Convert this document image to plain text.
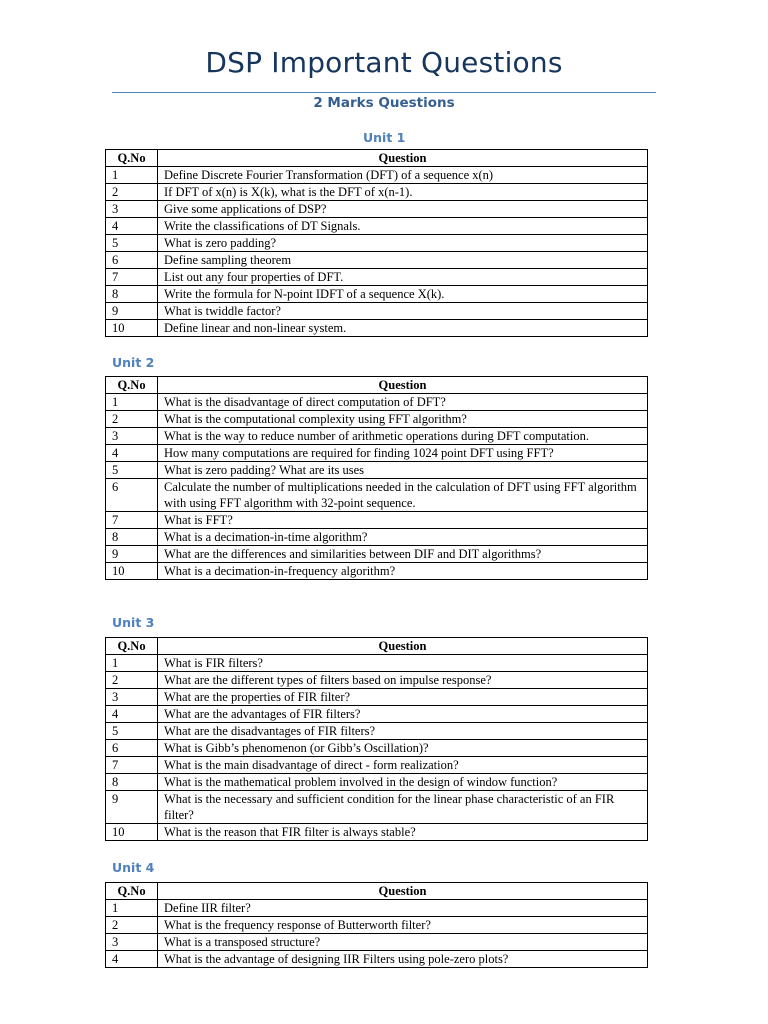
DSP Important Questions
2 Marks Questions
Unit 1
Q.No	Question
1	Define Discrete Fourier Transformation (DFT) of a sequence x(n)
2	If DFT of x(n) is X(k), what is the DFT of x(n-1).
3	Give some applications of DSP?
4	Write the classifications of DT Signals.
5	What is zero padding?
6	Define sampling theorem
7	List out any four properties of DFT.
8	Write the formula for N-point IDFT of a sequence X(k).
9	What is twiddle factor?
10	Define linear and non-linear system.
Unit 2
Q.No	Question
1	What is the disadvantage of direct computation of DFT?
2	What is the computational complexity using FFT algorithm?
3	What is the way to reduce number of arithmetic operations during DFT computation.
4	How many computations are required for finding 1024 point DFT using FFT?
5	What is zero padding? What are its uses
6	Calculate the number of multiplications needed in the calculation of DFT using FFT algorithm with using FFT algorithm with 32-point sequence.
7	What is FFT?
8	What is a decimation-in-time algorithm?
9	What are the differences and similarities between DIF and DIT algorithms?
10	What is a decimation-in-frequency algorithm?
Unit 3
Q.No	Question
1	What is FIR filters?
2	What are the different types of filters based on impulse response?
3	What are the properties of FIR filter?
4	What are the advantages of FIR filters?
5	What are the disadvantages of FIR filters?
6	What is Gibb’s phenomenon (or Gibb’s Oscillation)?
7	What is the main disadvantage of direct - form realization?
8	What is the mathematical problem involved in the design of window function?
9	What is the necessary and sufficient condition for the linear phase characteristic of an FIR filter?
10	What is the reason that FIR filter is always stable?
Unit 4
Q.No	Question
1	Define IIR filter?
2	What is the frequency response of Butterworth filter?
3	What is a transposed structure?
4	What is the advantage of designing IIR Filters using pole-zero plots?
